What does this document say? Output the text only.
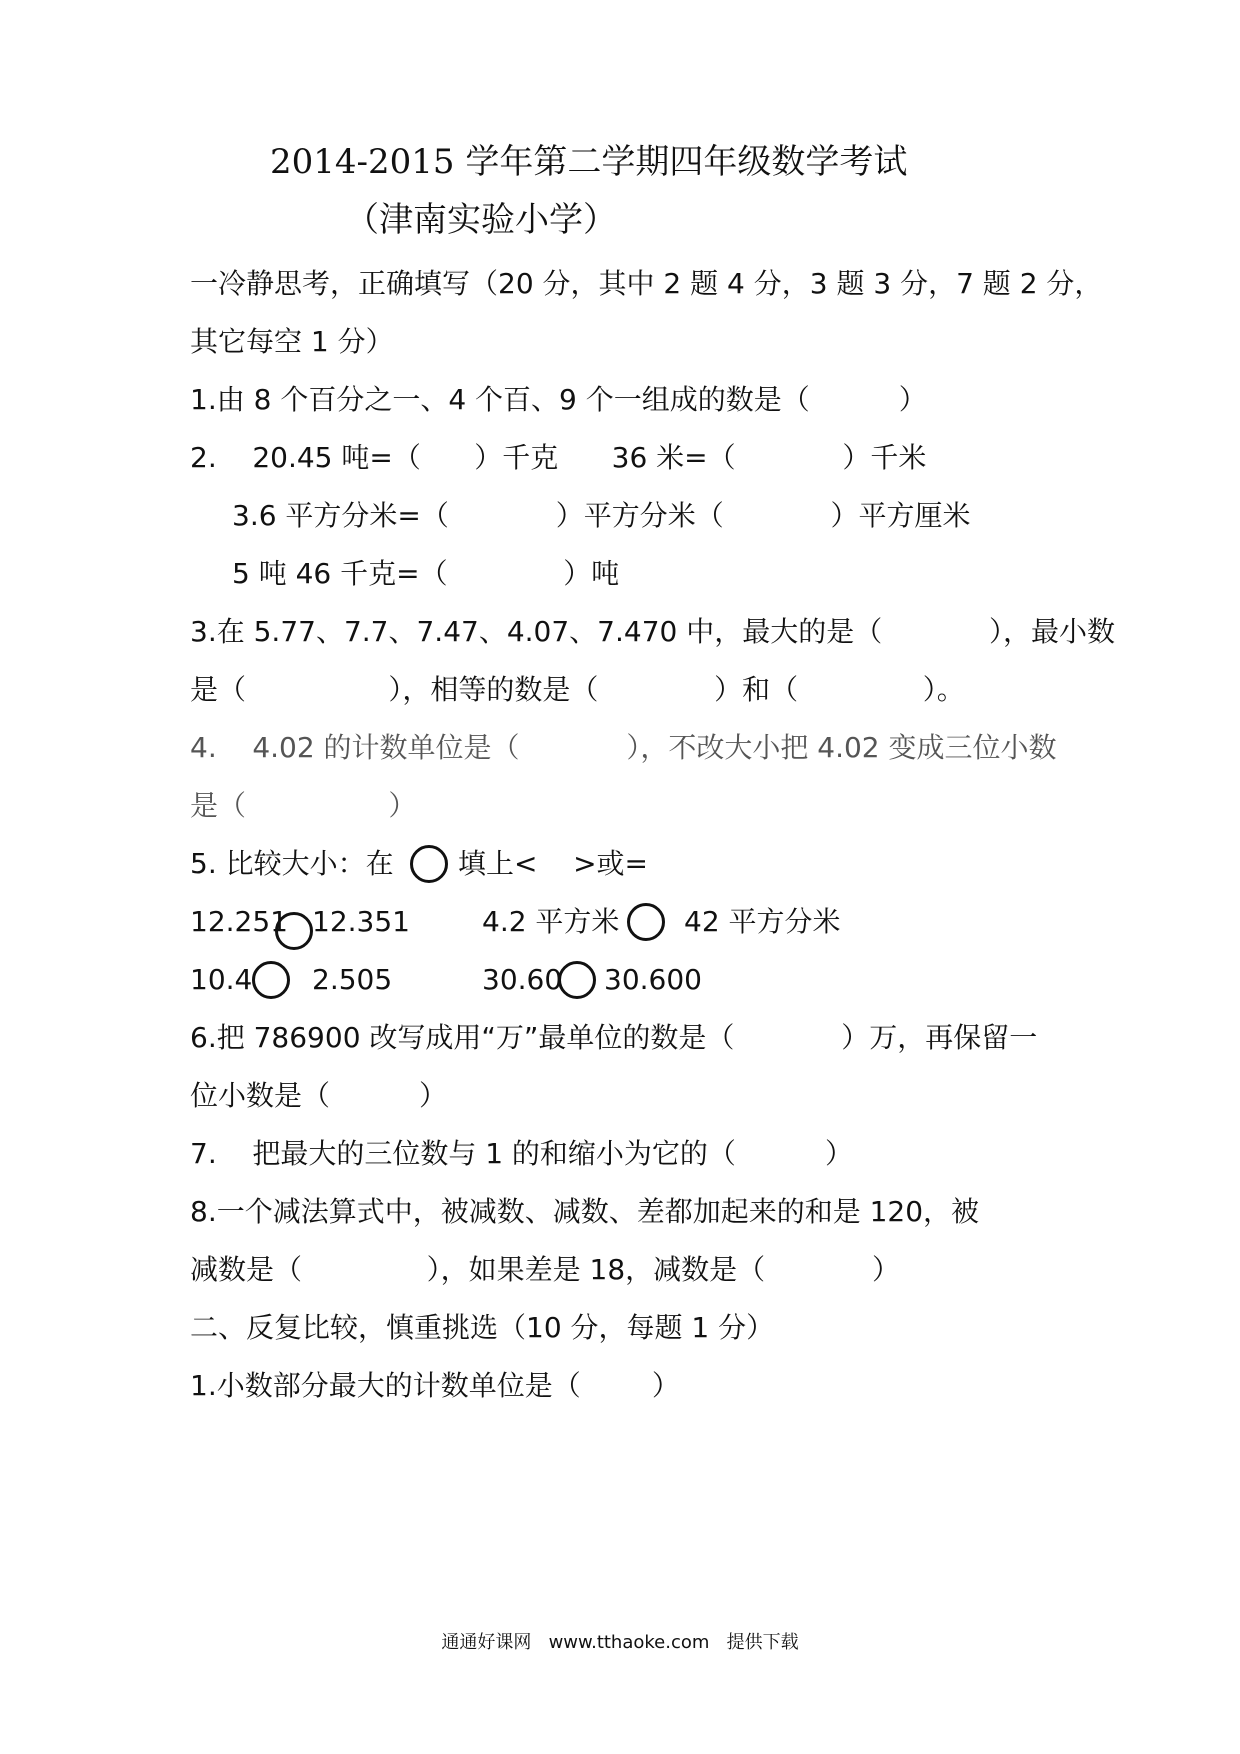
2014-2015 学年第二学期四年级数学考试
（津南实验小学）
一冷静思考，正确填写（20 分，其中 2 题 4 分，3 题 3 分，7 题 2 分，
其它每空 1 分）
1.由 8 个百分之一、4 个百、9 个一组成的数是（          ）
2.    20.45 吨=（      ）千克      36 米=（            ）千米
3.6 平方分米=（            ）平方分米（            ）平方厘米
5 吨 46 千克=（             ）吨
3.在 5.77、7.7、7.47、4.07、7.470 中，最大的是（            ），最小数
是（                ），相等的数是（             ）和（              ）。
4.    4.02 的计数单位是（            ），不改大小把 4.02 变成三位小数
是（                ）
5. 比较大小：在 填上<    >或=
12.251 12.351	4.2 平方米 42 平方分米
10.4 2.505	30.60 30.600
6.把 786900 改写成用“万”最单位的数是（            ）万，再保留一
位小数是（          ）
7.    把最大的三位数与 1 的和缩小为它的（          ）
8.一个减法算式中，被减数、减数、差都加起来的和是 120，被
减数是（              ），如果差是 18，减数是（            ）
二、反复比较，慎重挑选（10 分，每题 1 分）
1.小数部分最大的计数单位是（        ）
通通好课网   www.tthaoke.com   提供下载
